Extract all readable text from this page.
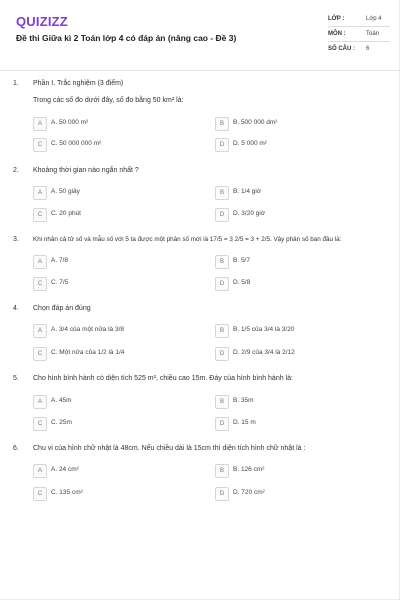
QUIZIZZ
Đề thi Giữa kì 2 Toán lớp 4 có đáp án (nâng cao - Đề 3)
LỚP :	Lớp 4
MÔN :	Toán
SỐ CÂU : 6
1. Phần I. Trắc nghiệm (3 điểm)
Trong các số đo dưới đây, số đo bằng 50 km² là:
A	A. 50 000 m²	B	B. 500 000 dm²
C	C. 50 000 000 m²	D	D. 5 000 m²
2. Khoảng thời gian nào ngắn nhất ?
A	A. 50 giây	B	B. 1/4 giờ
C	C. 20 phút	D	D. 3/20 giờ
3. Khi nhân cả tử số và mẫu số với 5 ta được một phân số mới là 17/5 = 3 2/5 = 3 + 2/5. Vậy phân số ban đầu là:
A	A. 7/8	B	B. 5/7
C	C. 7/5	D	D. 5/8
4. Chọn đáp án đúng
A	A. 3/4 của một nửa là 3/8	B	B. 1/5 của 3/4 là 3/20
C	C. Một nửa của 1/2 là 1/4	D	D. 2/9 của 3/4 là 2/12
5. Cho hình bình hành có diện tích 525 m², chiều cao 15m. Đáy của hình bình hành là:
A	A. 45m	B	B. 35m
C	C. 25m	D	D. 15 m
6. Chu vi của hình chữ nhật là 48cm. Nếu chiều dài là 15cm thì diện tích hình chữ nhật là :
A	A. 24 cm²	B	B. 126 cm²
C	C. 135 cm²	D	D. 720 cm²
